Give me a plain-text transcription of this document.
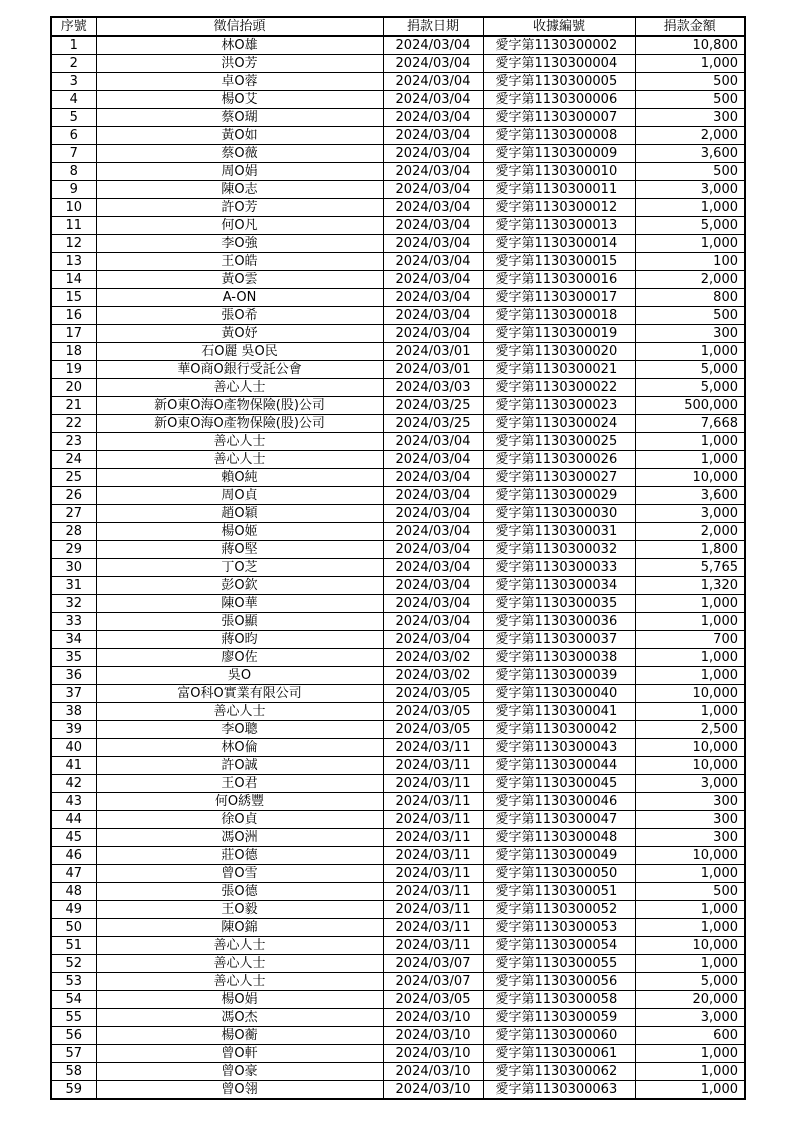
序號	徵信抬頭	捐款日期	收據編號	捐款金額
1	林O雄	2024/03/04	愛字第1130300002	10,800
2	洪O芳	2024/03/04	愛字第1130300004	1,000
3	卓O蓉	2024/03/04	愛字第1130300005	500
4	楊O艾	2024/03/04	愛字第1130300006	500
5	蔡O瑚	2024/03/04	愛字第1130300007	300
6	黃O如	2024/03/04	愛字第1130300008	2,000
7	蔡O薇	2024/03/04	愛字第1130300009	3,600
8	周O娟	2024/03/04	愛字第1130300010	500
9	陳O志	2024/03/04	愛字第1130300011	3,000
10	許O芳	2024/03/04	愛字第1130300012	1,000
11	何O凡	2024/03/04	愛字第1130300013	5,000
12	李O強	2024/03/04	愛字第1130300014	1,000
13	王O皓	2024/03/04	愛字第1130300015	100
14	黃O雲	2024/03/04	愛字第1130300016	2,000
15	A-ON	2024/03/04	愛字第1130300017	800
16	張O希	2024/03/04	愛字第1130300018	500
17	黃O妤	2024/03/04	愛字第1130300019	300
18	石O麗 吳O民	2024/03/01	愛字第1130300020	1,000
19	華O商O銀行受託公會	2024/03/01	愛字第1130300021	5,000
20	善心人士	2024/03/03	愛字第1130300022	5,000
21	新O東O海O產物保險(股)公司	2024/03/25	愛字第1130300023	500,000
22	新O東O海O產物保險(股)公司	2024/03/25	愛字第1130300024	7,668
23	善心人士	2024/03/04	愛字第1130300025	1,000
24	善心人士	2024/03/04	愛字第1130300026	1,000
25	賴O純	2024/03/04	愛字第1130300027	10,000
26	周O貞	2024/03/04	愛字第1130300029	3,600
27	趙O穎	2024/03/04	愛字第1130300030	3,000
28	楊O姬	2024/03/04	愛字第1130300031	2,000
29	蔣O堅	2024/03/04	愛字第1130300032	1,800
30	丁O芝	2024/03/04	愛字第1130300033	5,765
31	彭O欽	2024/03/04	愛字第1130300034	1,320
32	陳O華	2024/03/04	愛字第1130300035	1,000
33	張O顯	2024/03/04	愛字第1130300036	1,000
34	蔣O昀	2024/03/04	愛字第1130300037	700
35	廖O佐	2024/03/02	愛字第1130300038	1,000
36	吳O	2024/03/02	愛字第1130300039	1,000
37	富O科O實業有限公司	2024/03/05	愛字第1130300040	10,000
38	善心人士	2024/03/05	愛字第1130300041	1,000
39	李O聰	2024/03/05	愛字第1130300042	2,500
40	林O倫	2024/03/11	愛字第1130300043	10,000
41	許O誠	2024/03/11	愛字第1130300044	10,000
42	王O君	2024/03/11	愛字第1130300045	3,000
43	何O綉豐	2024/03/11	愛字第1130300046	300
44	徐O貞	2024/03/11	愛字第1130300047	300
45	馮O洲	2024/03/11	愛字第1130300048	300
46	莊O德	2024/03/11	愛字第1130300049	10,000
47	曾O雪	2024/03/11	愛字第1130300050	1,000
48	張O德	2024/03/11	愛字第1130300051	500
49	王O毅	2024/03/11	愛字第1130300052	1,000
50	陳O錦	2024/03/11	愛字第1130300053	1,000
51	善心人士	2024/03/11	愛字第1130300054	10,000
52	善心人士	2024/03/07	愛字第1130300055	1,000
53	善心人士	2024/03/07	愛字第1130300056	5,000
54	楊O娟	2024/03/05	愛字第1130300058	20,000
55	馮O杰	2024/03/10	愛字第1130300059	3,000
56	楊O蘅	2024/03/10	愛字第1130300060	600
57	曾O軒	2024/03/10	愛字第1130300061	1,000
58	曾O豪	2024/03/10	愛字第1130300062	1,000
59	曾O翎	2024/03/10	愛字第1130300063	1,000
